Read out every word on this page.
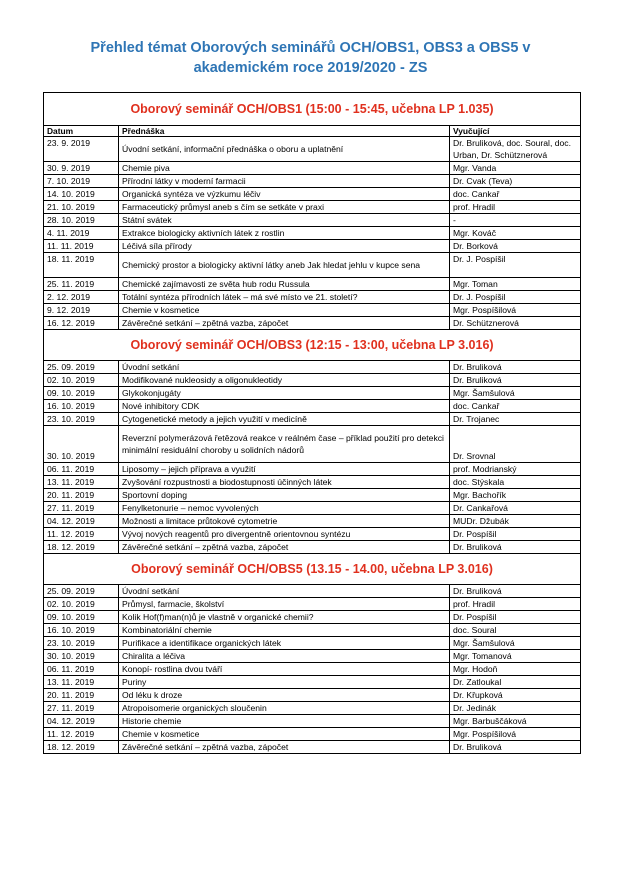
Přehled témat Oborových seminářů OCH/OBS1, OBS3 a OBS5 v
akademickém roce 2019/2020 - ZS
Oborový seminář OCH/OBS1 (15:00 - 15:45, učebna LP 1.035)		
Datum	Přednáška	Vyučující
23. 9. 2019	Úvodní setkání, informační přednáška o oboru a uplatnění	Dr. Bruliková, doc. Soural, doc. Urban, Dr. Schütznerová
30. 9. 2019	Chemie piva	Mgr. Vanda
7. 10. 2019	Přírodní látky v moderní farmacii	Dr. Cvak (Teva)
14. 10. 2019	Organická syntéza ve výzkumu léčiv	doc. Cankař
21. 10. 2019	Farmaceutický průmysl aneb s čím se setkáte v praxi	prof. Hradil
28. 10. 2019	Státní svátek	-
4. 11. 2019	Extrakce biologicky aktivních látek z rostlin	Mgr. Kováč
11. 11. 2019	Léčivá síla přírody	Dr. Borková
18. 11. 2019	Chemický prostor a biologicky aktivní látky aneb Jak hledat jehlu v kupce sena	Dr. J. Pospíšil
25. 11. 2019	Chemické zajímavosti ze světa hub rodu Russula	Mgr. Toman
2. 12. 2019	Totální syntéza přírodních látek – má své místo ve 21. století?	Dr. J. Pospíšil
9. 12. 2019	Chemie v kosmetice	Mgr. Pospíšilová
16. 12. 2019	Závěrečné setkání – zpětná vazba, zápočet	Dr. Schütznerová
Oborový seminář OCH/OBS3 (12:15 - 13:00, učebna LP 3.016)		
25. 09. 2019	Úvodní setkání	Dr. Bruliková
02. 10. 2019	Modifikované nukleosidy a oligonukleotidy	Dr. Bruliková
09. 10. 2019	Glykokonjugáty	Mgr. Šamšulová
16. 10. 2019	Nové inhibitory CDK	doc. Cankař
23. 10. 2019	Cytogenetické metody a jejich využití v medicíně	Dr. Trojanec
30. 10. 2019	Reverzní polymerázová řetězová reakce v reálném čase – příklad použití pro detekci minimální residuální choroby u solidních nádorů	Dr. Srovnal
06. 11. 2019	Liposomy – jejich příprava a využití	prof. Modrianský
13. 11. 2019	Zvyšování rozpustnosti a biodostupnosti účinných látek	doc. Stýskala
20. 11. 2019	Sportovní doping	Mgr. Bachořík
27. 11. 2019	Fenylketonurie – nemoc vyvolených	Dr. Cankařová
04. 12. 2019	Možnosti a limitace průtokové cytometrie	MUDr. Džubák
11. 12. 2019	Vývoj nových reagentů pro divergentně orientovnou syntézu	Dr. Pospíšil
18. 12. 2019	Závěrečné setkání – zpětná vazba, zápočet	Dr. Bruliková
Oborový seminář OCH/OBS5 (13.15 - 14.00, učebna LP 3.016)		
25. 09. 2019	Úvodní setkání	Dr. Bruliková
02. 10. 2019	Průmysl, farmacie, školství	prof. Hradil
09. 10. 2019	Kolik Hof(f)man(n)ů je vlastně v organické chemii?	Dr. Pospíšil
16. 10. 2019	Kombinatoriální chemie	doc. Soural
23. 10. 2019	Purifikace a identifikace organických látek	Mgr. Šamšulová
30. 10. 2019	Chiralita a léčiva	Mgr. Tomanová
06. 11. 2019	Konopí- rostlina dvou tváří	Mgr. Hodoň
13. 11. 2019	Puriny	Dr. Zatloukal
20. 11. 2019	Od léku k droze	Dr. Křupková
27. 11. 2019	Atropoisomerie organických sloučenin	Dr. Jedinák
04. 12. 2019	Historie chemie	Mgr. Barbuščáková
11. 12. 2019	Chemie v kosmetice	Mgr. Pospíšilová
18. 12. 2019	Závěrečné setkání – zpětná vazba, zápočet	Dr. Bruliková
